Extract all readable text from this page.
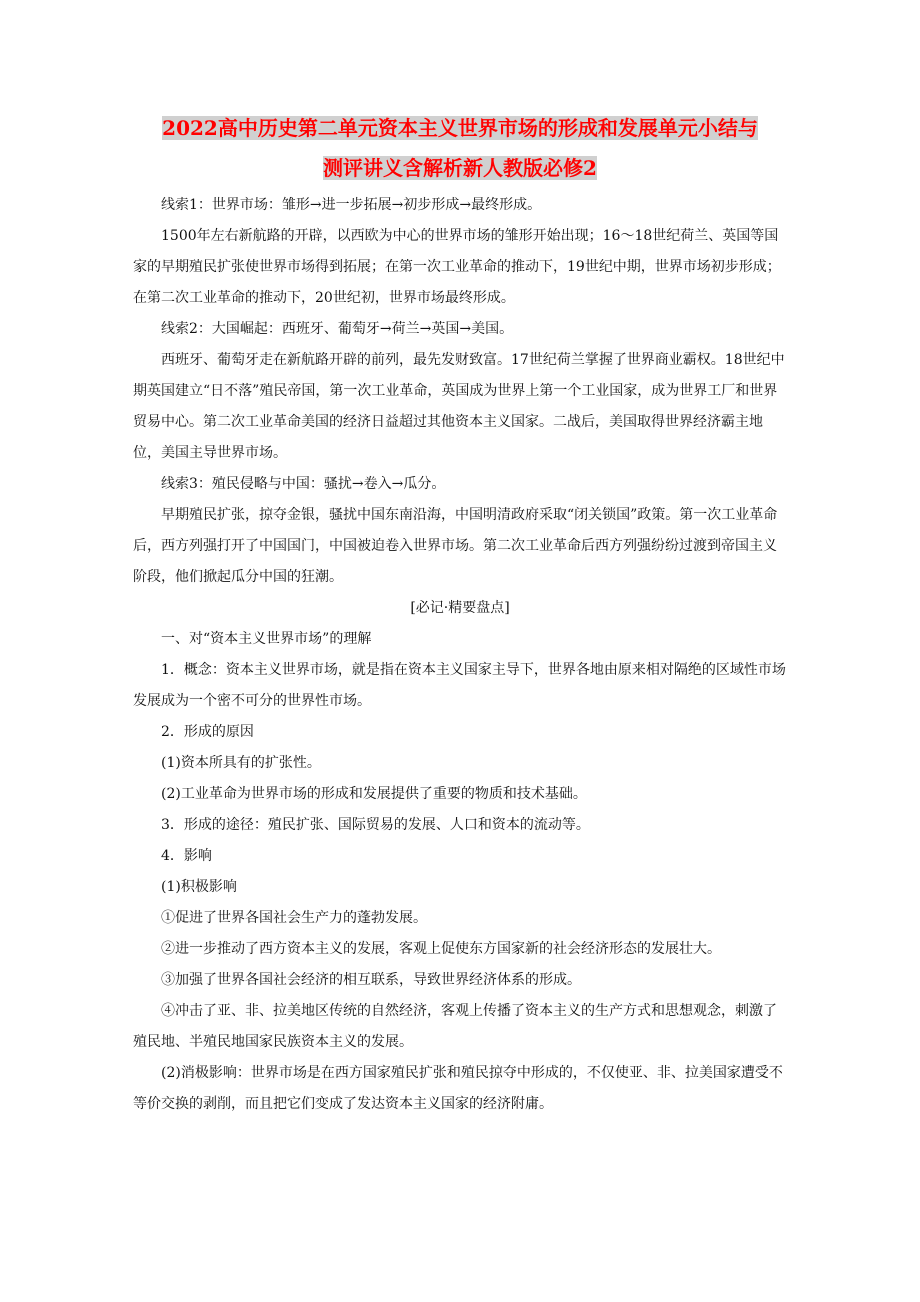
2022高中历史第二单元资本主义世界市场的形成和发展单元小结与
测评讲义含解析新人教版必修2

线索1：世界市场：雏形→进一步拓展→初步形成→最终形成。

1500年左右新航路的开辟，以西欧为中心的世界市场的雏形开始出现；16～18世纪荷兰、英国等国家的早期殖民扩张使世界市场得到拓展；在第一次工业革命的推动下，19世纪中期，世界市场初步形成；在第二次工业革命的推动下，20世纪初，世界市场最终形成。

线索2：大国崛起：西班牙、葡萄牙→荷兰→英国→美国。

西班牙、葡萄牙走在新航路开辟的前列，最先发财致富。17世纪荷兰掌握了世界商业霸权。18世纪中期英国建立“日不落”殖民帝国，第一次工业革命，英国成为世界上第一个工业国家，成为世界工厂和世界贸易中心。第二次工业革命美国的经济日益超过其他资本主义国家。二战后，美国取得世界经济霸主地位，美国主导世界市场。

线索3：殖民侵略与中国：骚扰→卷入→瓜分。

早期殖民扩张，掠夺金银，骚扰中国东南沿海，中国明清政府采取“闭关锁国”政策。第一次工业革命后，西方列强打开了中国国门，中国被迫卷入世界市场。第二次工业革命后西方列强纷纷过渡到帝国主义阶段，他们掀起瓜分中国的狂潮。

[必记·精要盘点]

一、对“资本主义世界市场”的理解

1．概念：资本主义世界市场，就是指在资本主义国家主导下，世界各地由原来相对隔绝的区域性市场发展成为一个密不可分的世界性市场。

2．形成的原因

(1)资本所具有的扩张性。

(2)工业革命为世界市场的形成和发展提供了重要的物质和技术基础。

3．形成的途径：殖民扩张、国际贸易的发展、人口和资本的流动等。

4．影响

(1)积极影响

①促进了世界各国社会生产力的蓬勃发展。

②进一步推动了西方资本主义的发展，客观上促使东方国家新的社会经济形态的发展壮大。

③加强了世界各国社会经济的相互联系，导致世界经济体系的形成。

④冲击了亚、非、拉美地区传统的自然经济，客观上传播了资本主义的生产方式和思想观念，刺激了殖民地、半殖民地国家民族资本主义的发展。

(2)消极影响：世界市场是在西方国家殖民扩张和殖民掠夺中形成的，不仅使亚、非、拉美国家遭受不等价交换的剥削，而且把它们变成了发达资本主义国家的经济附庸。
